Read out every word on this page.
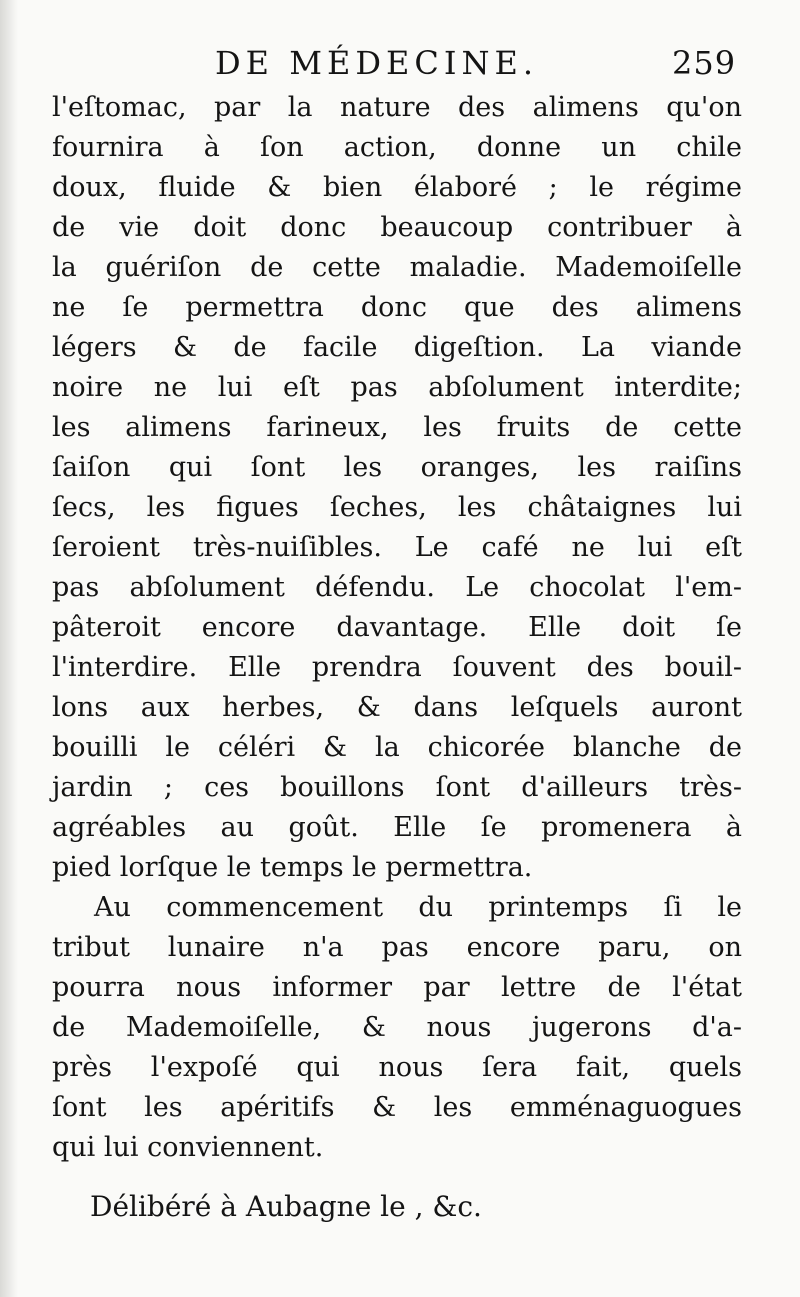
DE MÉDECINE.	259
l'eſtomac, par la nature des alimens qu'on
fournira à ſon action, donne un chile
doux, fluide & bien élaboré ; le régime
de vie doit donc beaucoup contribuer à
la guériſon de cette maladie. Mademoiſelle
ne ſe permettra donc que des alimens
légers & de facile digeſtion. La viande
noire ne lui eſt pas abſolument interdite;
les alimens farineux, les fruits de cette
ſaiſon qui ſont les oranges, les raiſins
ſecs, les figues ſeches, les châtaignes lui
ſeroient très-nuiſibles. Le café ne lui eſt
pas abſolument défendu. Le chocolat l'em-
pâteroit encore davantage. Elle doit ſe
l'interdire. Elle prendra ſouvent des bouil-
lons aux herbes, & dans leſquels auront
bouilli le céléri & la chicorée blanche de
jardin ; ces bouillons ſont d'ailleurs très-
agréables au goût. Elle ſe promenera à
pied lorſque le temps le permettra.
Au commencement du printemps ſi le
tribut lunaire n'a pas encore paru, on
pourra nous informer par lettre de l'état
de Mademoiſelle, & nous jugerons d'a-
près l'expoſé qui nous ſera fait, quels
ſont les apéritifs & les emménaguogues
qui lui conviennent.
Délibéré à Aubagne le , &c.
